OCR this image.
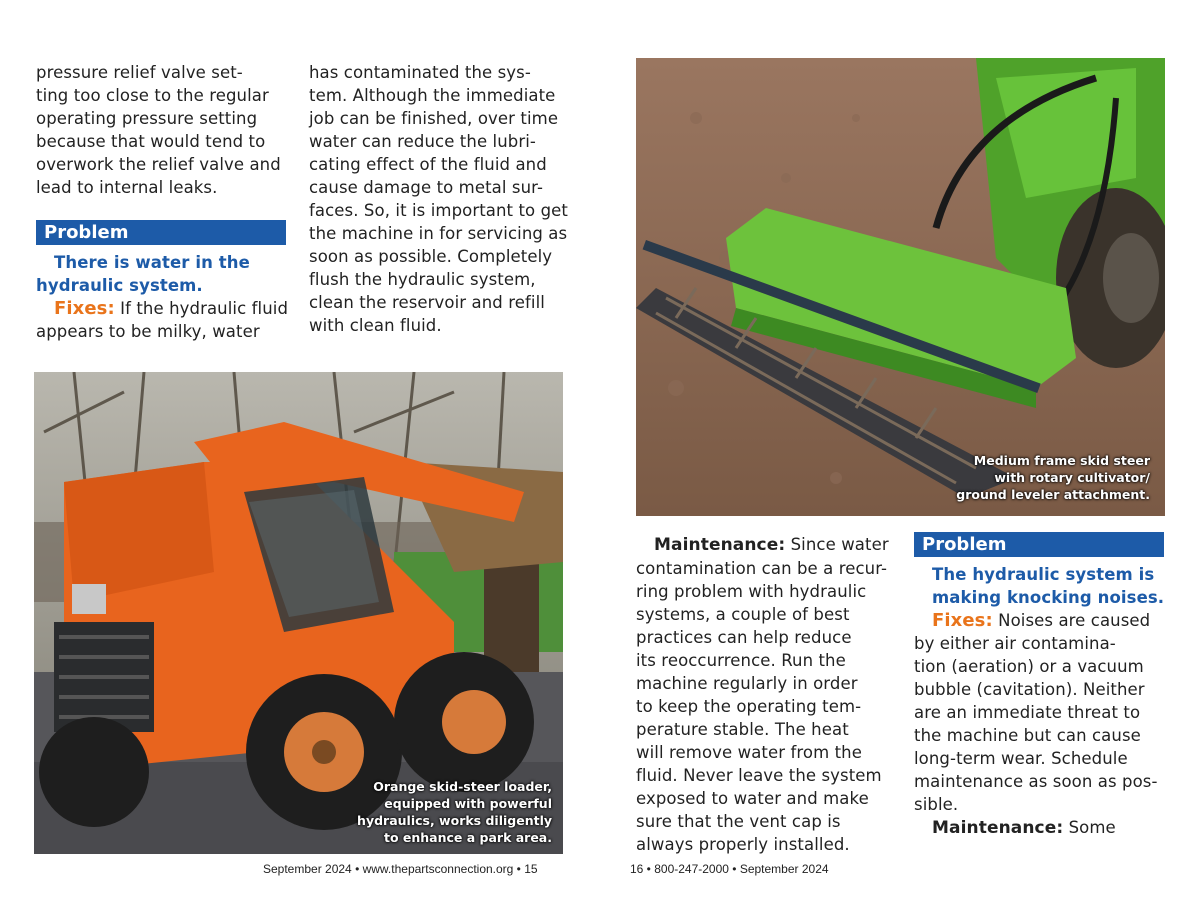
pressure relief valve set-
ting too close to the regular
operating pressure setting
because that would tend to
overwork the relief valve and
lead to internal leaks.

Problem
There is water in the
hydraulic system.
Fixes: If the hydraulic fluid
appears to be milky, water
has contaminated the sys-
tem. Although the immediate
job can be finished, over time
water can reduce the lubri-
cating effect of the fluid and
cause damage to metal sur-
faces. So, it is important to get
the machine in for servicing as
soon as possible. Completely
flush the hydraulic system,
clean the reservoir and refill
with clean fluid.
Orange skid-steer loader,
equipped with powerful
hydraulics, works diligently
to enhance a park area.
September 2024 • www.thepartsconnection.org • 15
Medium frame skid steer
with rotary cultivator/
ground leveler attachment.
Maintenance: Since water
contamination can be a recur-
ring problem with hydraulic
systems, a couple of best
practices can help reduce
its reoccurrence. Run the
machine regularly in order
to keep the operating tem-
perature stable. The heat
will remove water from the
fluid. Never leave the system
exposed to water and make
sure that the vent cap is
always properly installed.
Problem
The hydraulic system is
making knocking noises.
Fixes: Noises are caused
by either air contamina-
tion (aeration) or a vacuum
bubble (cavitation). Neither
are an immediate threat to
the machine but can cause
long-term wear. Schedule
maintenance as soon as pos-
sible.
Maintenance: Some
16 • 800-247-2000 • September 2024
